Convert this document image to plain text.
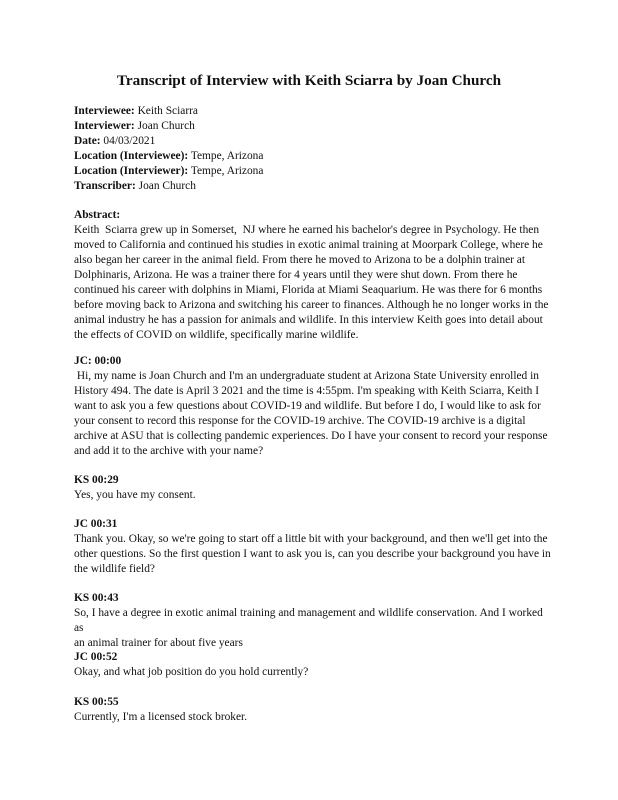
Transcript of Interview with Keith Sciarra by Joan Church
Interviewee: Keith Sciarra
Interviewer: Joan Church
Date: 04/03/2021
Location (Interviewee): Tempe, Arizona
Location (Interviewer): Tempe, Arizona
Transcriber: Joan Church
Abstract:
Keith  Sciarra grew up in Somerset,  NJ where he earned his bachelor's degree in Psychology. He then
moved to California and continued his studies in exotic animal training at Moorpark College, where he
also began her career in the animal field. From there he moved to Arizona to be a dolphin trainer at
Dolphinaris, Arizona. He was a trainer there for 4 years until they were shut down. From there he
continued his career with dolphins in Miami, Florida at Miami Seaquarium. He was there for 6 months
before moving back to Arizona and switching his career to finances. Although he no longer works in the
animal industry he has a passion for animals and wildlife. In this interview Keith goes into detail about
the effects of COVID on wildlife, specifically marine wildlife.
JC: 00:00
Hi, my name is Joan Church and I'm an undergraduate student at Arizona State University enrolled in
History 494. The date is April 3 2021 and the time is 4:55pm. I'm speaking with Keith Sciarra, Keith I
want to ask you a few questions about COVID-19 and wildlife. But before I do, I would like to ask for
your consent to record this response for the COVID-19 archive. The COVID-19 archive is a digital
archive at ASU that is collecting pandemic experiences. Do I have your consent to record your response
and add it to the archive with your name?
KS 00:29
Yes, you have my consent.
JC 00:31
Thank you. Okay, so we're going to start off a little bit with your background, and then we'll get into the
other questions. So the first question I want to ask you is, can you describe your background you have in
the wildlife field?
KS 00:43
So, I have a degree in exotic animal training and management and wildlife conservation. And I worked as
an animal trainer for about five years
JC 00:52
Okay, and what job position do you hold currently?
KS 00:55
Currently, I'm a licensed stock broker.
